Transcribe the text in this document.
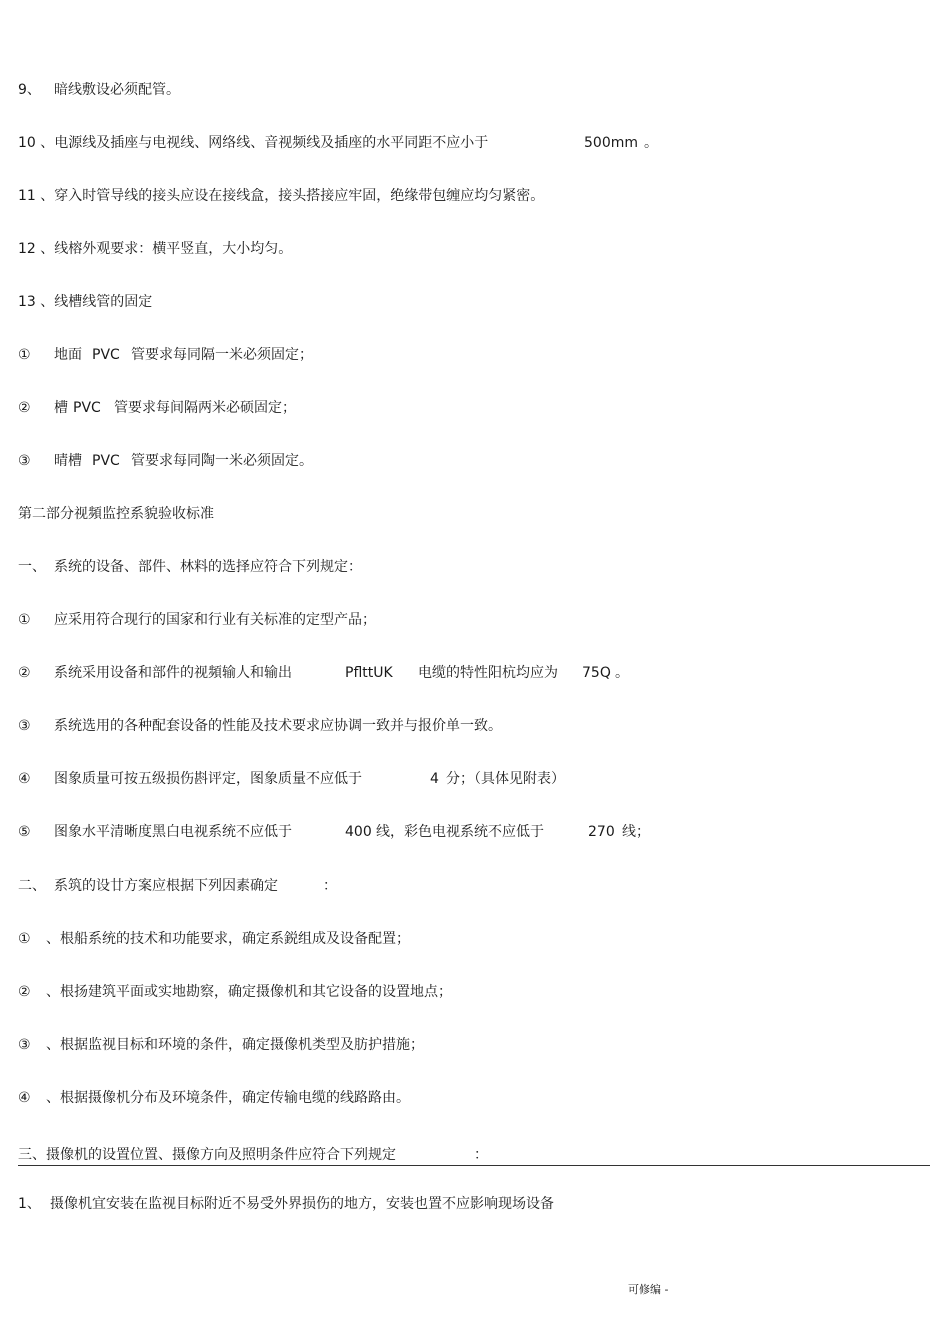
9、 暗线敷设必须配管。
10 、电源线及插座与电视线、网络线、音视频线及插座的水平同距不应小于	500mm 。
11 、穿入时管导线的接头应设在接线盒，接头搭接应牢固，绝缘带包缠应均匀紧密。
12 、线榕外观要求：横平竖直，大小均匀。
13 、线槽线管的固定
① 地面 PVC 管要求每同隔一米必须固定；
② 槽 PVC 管要求每间隔两米必硕固定；
③ 晴槽 PVC 管要求每同陶一米必须固定。
第二部分视頻监控系貌验收标准
一、 系统的设备、部件、林料的选择应符合下列规定：
① 应采用符合现行的国家和行业有关标准的定型产品；
② 系统采用设备和部件的视頻输人和输出	PflttUK 电缆的特性阳杭均应为 75Q 。
③ 系统选用的各种配套设备的性能及技术要求应协调一致并与报价单一致。
④ 图象质量可按五级损伤斟评定，图象质量不应低于	4 分；（具体见附表）
⑤ 图象水平清晰度黑白电视系统不应低于	400 线，彩色电视系统不应低于	270 线；
二、 系筑的设廿方案应根据下列因素确定	：
① 、根船系统的技术和功能要求，确定系鋭组成及设备配置；
② 、根扬建筑平面或实地勘察，确定摄像机和其它设备的设置地点；
③ 、根据监视目标和环境的条件，确定摄像机类型及肪护措施；
④ 、根据摄像机分布及环境条件，确定传输电缆的线路路由。
三、摄像机的设置位置、摄像方向及照明条件应符合下列规定	：
1、 摄像机宜安装在监视目标附近不易受外界损伤的地方，安装也置不应影响现场设备
可修编 -
